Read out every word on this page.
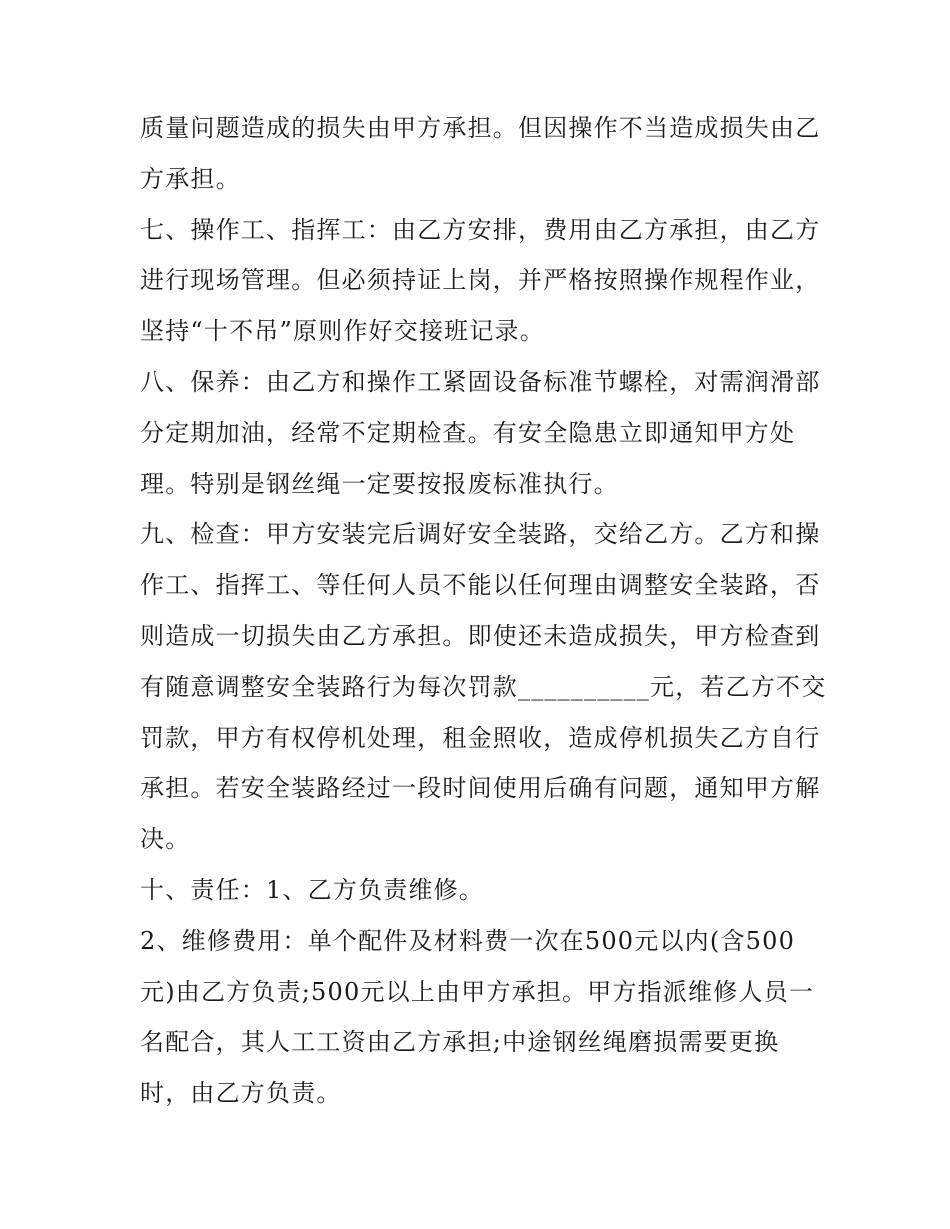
质量问题造成的损失由甲方承担。但因操作不当造成损失由乙
方承担。
七、操作工、指挥工：由乙方安排，费用由乙方承担，由乙方
进行现场管理。但必须持证上岗，并严格按照操作规程作业，
坚持“十不吊”原则作好交接班记录。
八、保养：由乙方和操作工紧固设备标准节螺栓，对需润滑部
分定期加油，经常不定期检查。有安全隐患立即通知甲方处
理。特别是钢丝绳一定要按报废标准执行。
九、检查：甲方安装完后调好安全装路，交给乙方。乙方和操
作工、指挥工、等任何人员不能以任何理由调整安全装路，否
则造成一切损失由乙方承担。即使还未造成损失，甲方检查到
有随意调整安全装路行为每次罚款__________元，若乙方不交
罚款，甲方有权停机处理，租金照收，造成停机损失乙方自行
承担。若安全装路经过一段时间使用后确有问题，通知甲方解
决。
十、责任：1、乙方负责维修。
2、维修费用：单个配件及材料费一次在500元以内(含500
元)由乙方负责;500元以上由甲方承担。甲方指派维修人员一
名配合，其人工工资由乙方承担;中途钢丝绳磨损需要更换
时，由乙方负责。
